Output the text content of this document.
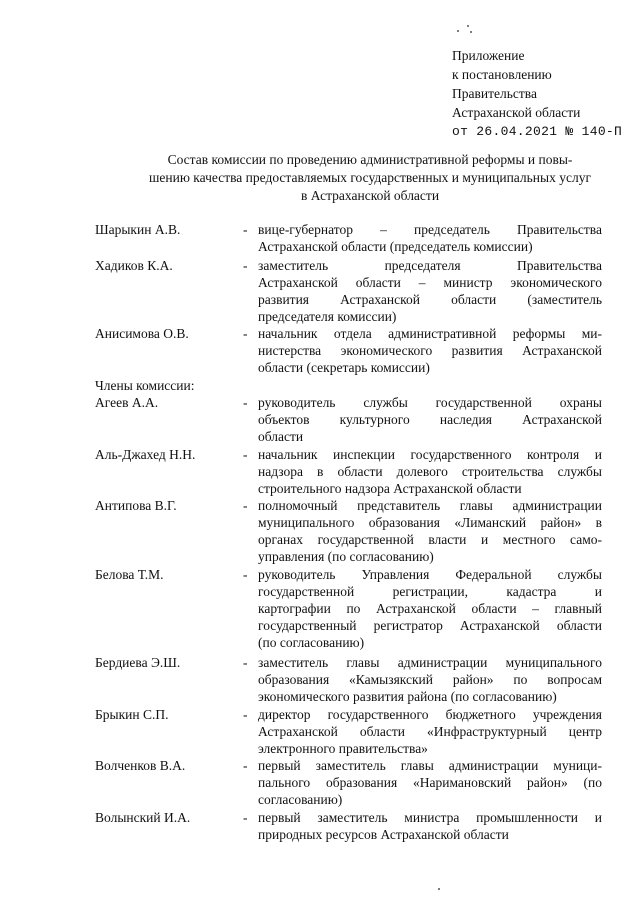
Приложение
к постановлению
Правительства
Астраханской области
от 26.04.2021 № 140-П
Состав комиссии по проведению административной реформы и повы-
шению качества предоставляемых государственных и муниципальных услуг
в Астраханской области
Шарыкин А.В.	- вице-губернатор – председатель Правительства
Астраханской области (председатель комиссии)
Хадиков К.А.	- заместитель председателя Правительства
Астраханской области – министр экономического
развития Астраханской области (заместитель
председателя комиссии)
Анисимова О.В.	- начальник отдела административной реформы ми-
нистерства экономического развития Астраханской
области (секретарь комиссии)
Члены комиссии:
Агеев А.А.	- руководитель службы государственной охраны
объектов культурного наследия Астраханской
области
Аль-Джахед Н.Н.	- начальник инспекции государственного контроля и
надзора в области долевого строительства службы
строительного надзора Астраханской области
Антипова В.Г.	- полномочный представитель главы администрации
муниципального образования «Лиманский район» в
органах государственной власти и местного само-
управления (по согласованию)
Белова Т.М.	- руководитель Управления Федеральной службы
государственной регистрации, кадастра и
картографии по Астраханской области – главный
государственный регистратор Астраханской области
(по согласованию)
Бердиева Э.Ш.	- заместитель главы администрации муниципального
образования «Камызякский район» по вопросам
экономического развития района (по согласованию)
Брыкин С.П.	- директор государственного бюджетного учреждения
Астраханской области «Инфраструктурный центр
электронного правительства»
Волченков В.А.	- первый заместитель главы администрации муници-
пального образования «Наримановский район» (по
согласованию)
Волынский И.А.	- первый заместитель министра промышленности и
природных ресурсов Астраханской области
